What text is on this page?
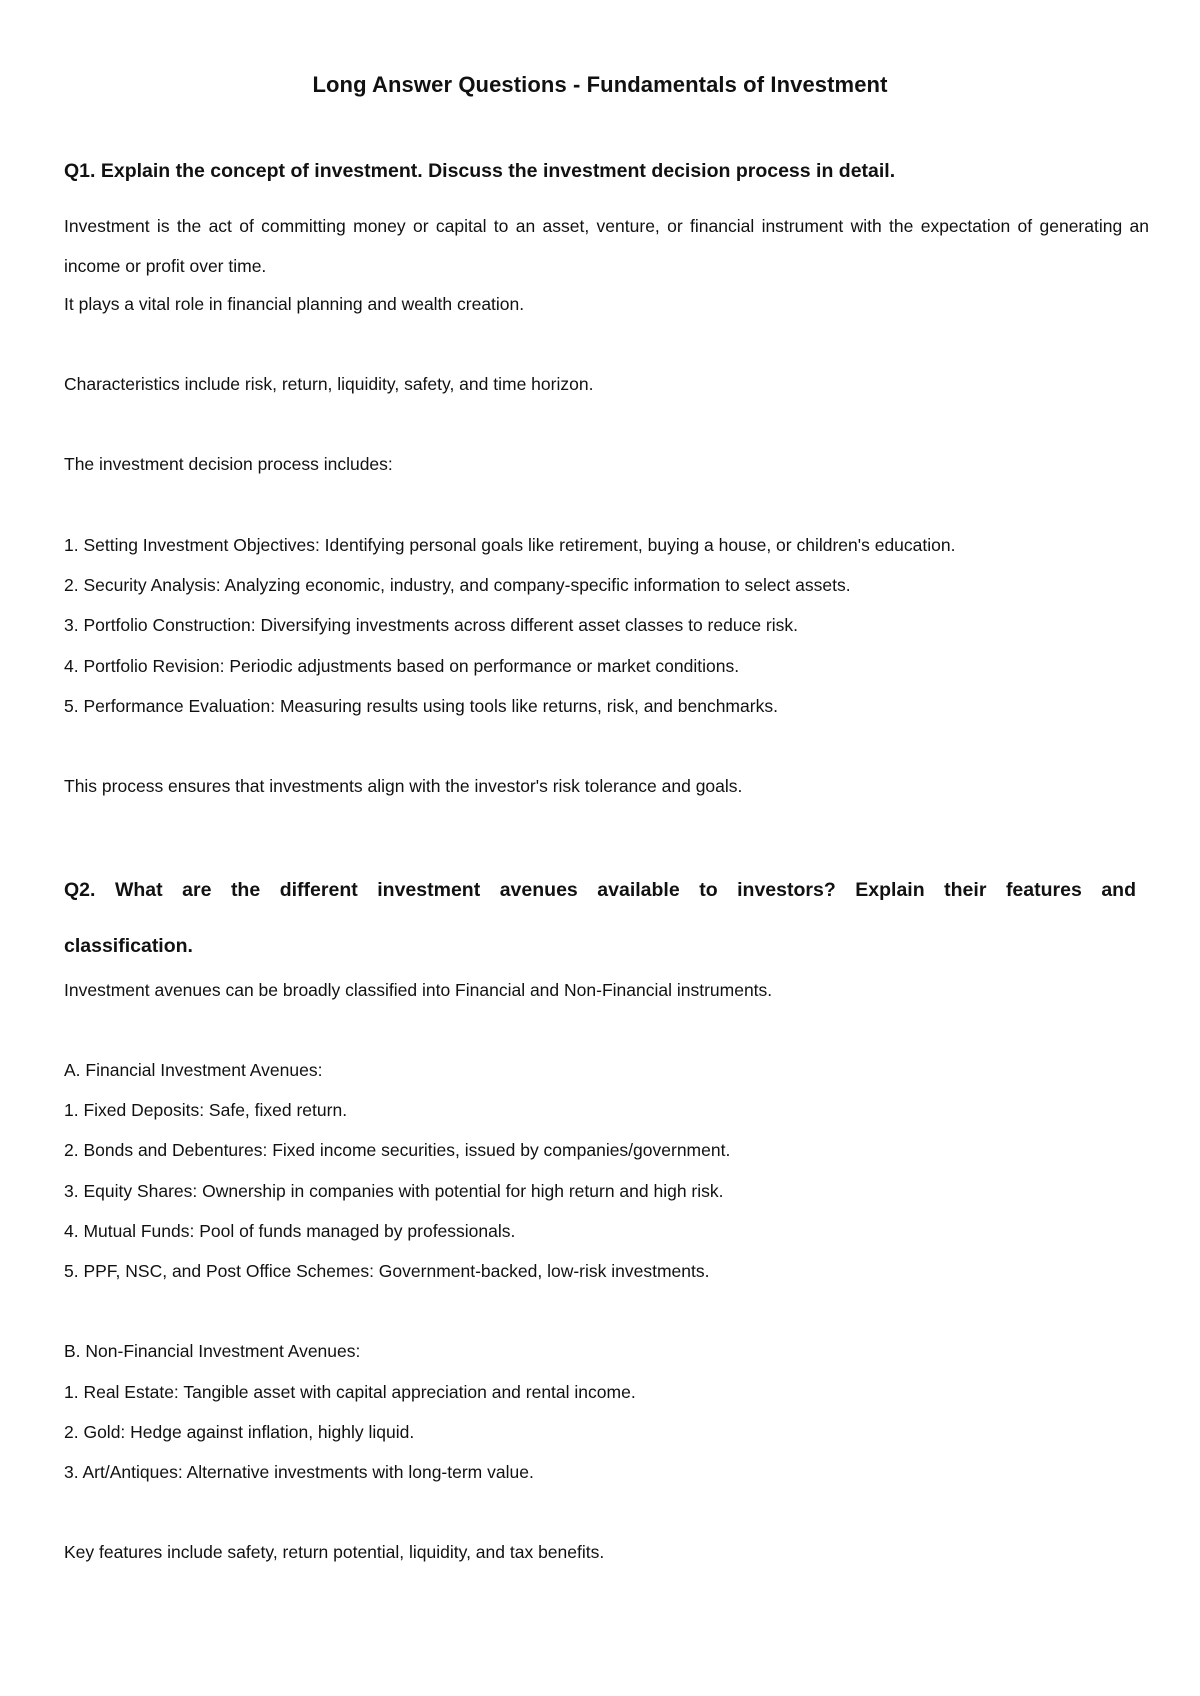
Long Answer Questions - Fundamentals of Investment

Q1. Explain the concept of investment. Discuss the investment decision process in detail.

Investment is the act of committing money or capital to an asset, venture, or financial instrument with the expectation of generating an income or profit over time.

It plays a vital role in financial planning and wealth creation.

Characteristics include risk, return, liquidity, safety, and time horizon.

The investment decision process includes:

1. Setting Investment Objectives: Identifying personal goals like retirement, buying a house, or children's education.

2. Security Analysis: Analyzing economic, industry, and company-specific information to select assets.

3. Portfolio Construction: Diversifying investments across different asset classes to reduce risk.

4. Portfolio Revision: Periodic adjustments based on performance or market conditions.

5. Performance Evaluation: Measuring results using tools like returns, risk, and benchmarks.

This process ensures that investments align with the investor's risk tolerance and goals.

Q2. What are the different investment avenues available to investors? Explain their features and
classification.

Investment avenues can be broadly classified into Financial and Non-Financial instruments.

A. Financial Investment Avenues:

1. Fixed Deposits: Safe, fixed return.

2. Bonds and Debentures: Fixed income securities, issued by companies/government.

3. Equity Shares: Ownership in companies with potential for high return and high risk.

4. Mutual Funds: Pool of funds managed by professionals.

5. PPF, NSC, and Post Office Schemes: Government-backed, low-risk investments.

B. Non-Financial Investment Avenues:

1. Real Estate: Tangible asset with capital appreciation and rental income.

2. Gold: Hedge against inflation, highly liquid.

3. Art/Antiques: Alternative investments with long-term value.

Key features include safety, return potential, liquidity, and tax benefits.
